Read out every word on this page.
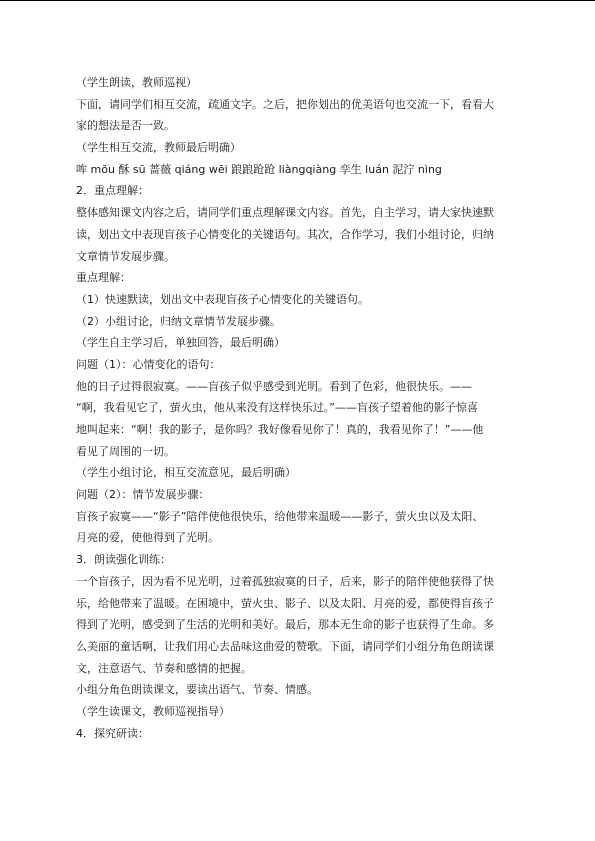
（学生朗读，教师巡视）
下面，请同学们相互交流，疏通文字。之后，把你划出的优美语句也交流一下，看看大
家的想法是否一致。
（学生相互交流，教师最后明确）
哞 mōu 酥 sū 蔷薇 qiáng wēi 踉踉跄跄 liàngqiàng 孪生 luán 泥泞 nìng
2．重点理解：
整体感知课文内容之后，请同学们重点理解课文内容。首先，自主学习，请大家快速默
读，划出文中表现盲孩子心情变化的关键语句。其次，合作学习，我们小组讨论，归纳
文章情节发展步骤。
重点理解：
（1）快速默读，划出文中表现盲孩子心情变化的关键语句。
（2）小组讨论，归纳文章情节发展步骤。
（学生自主学习后，单独回答，最后明确）
问题（1）：心情变化的语句：
他的日子过得很寂寞。——盲孩子似乎感受到光明。看到了色彩，他很快乐。——
“啊，我看见它了，萤火虫，他从来没有这样快乐过。”——盲孩子望着他的影子惊喜
地叫起来：“啊！我的影子，是你吗？我好像看见你了！真的，我看见你了！”——他
看见了周围的一切。
（学生小组讨论，相互交流意见，最后明确）
问题（2）：情节发展步骤：
盲孩子寂寞——“影子”陪伴使他很快乐，给他带来温暖——影子，萤火虫以及太阳、
月亮的爱，使他得到了光明。
3．朗读强化训练：
一个盲孩子，因为看不见光明，过着孤独寂寞的日子，后来，影子的陪伴使他获得了快
乐，给他带来了温暖。在困境中，萤火虫、影子、以及太阳、月亮的爱，都使得盲孩子
得到了光明，感受到了生活的光明和美好。最后，那本无生命的影子也获得了生命。多
么美丽的童话啊，让我们用心去品味这曲爱的赞歌。下面，请同学们小组分角色朗读课
文，注意语气、节奏和感情的把握。
小组分角色朗读课文，要读出语气、节奏、情感。
（学生读课文，教师巡视指导）
4．探究研读：
